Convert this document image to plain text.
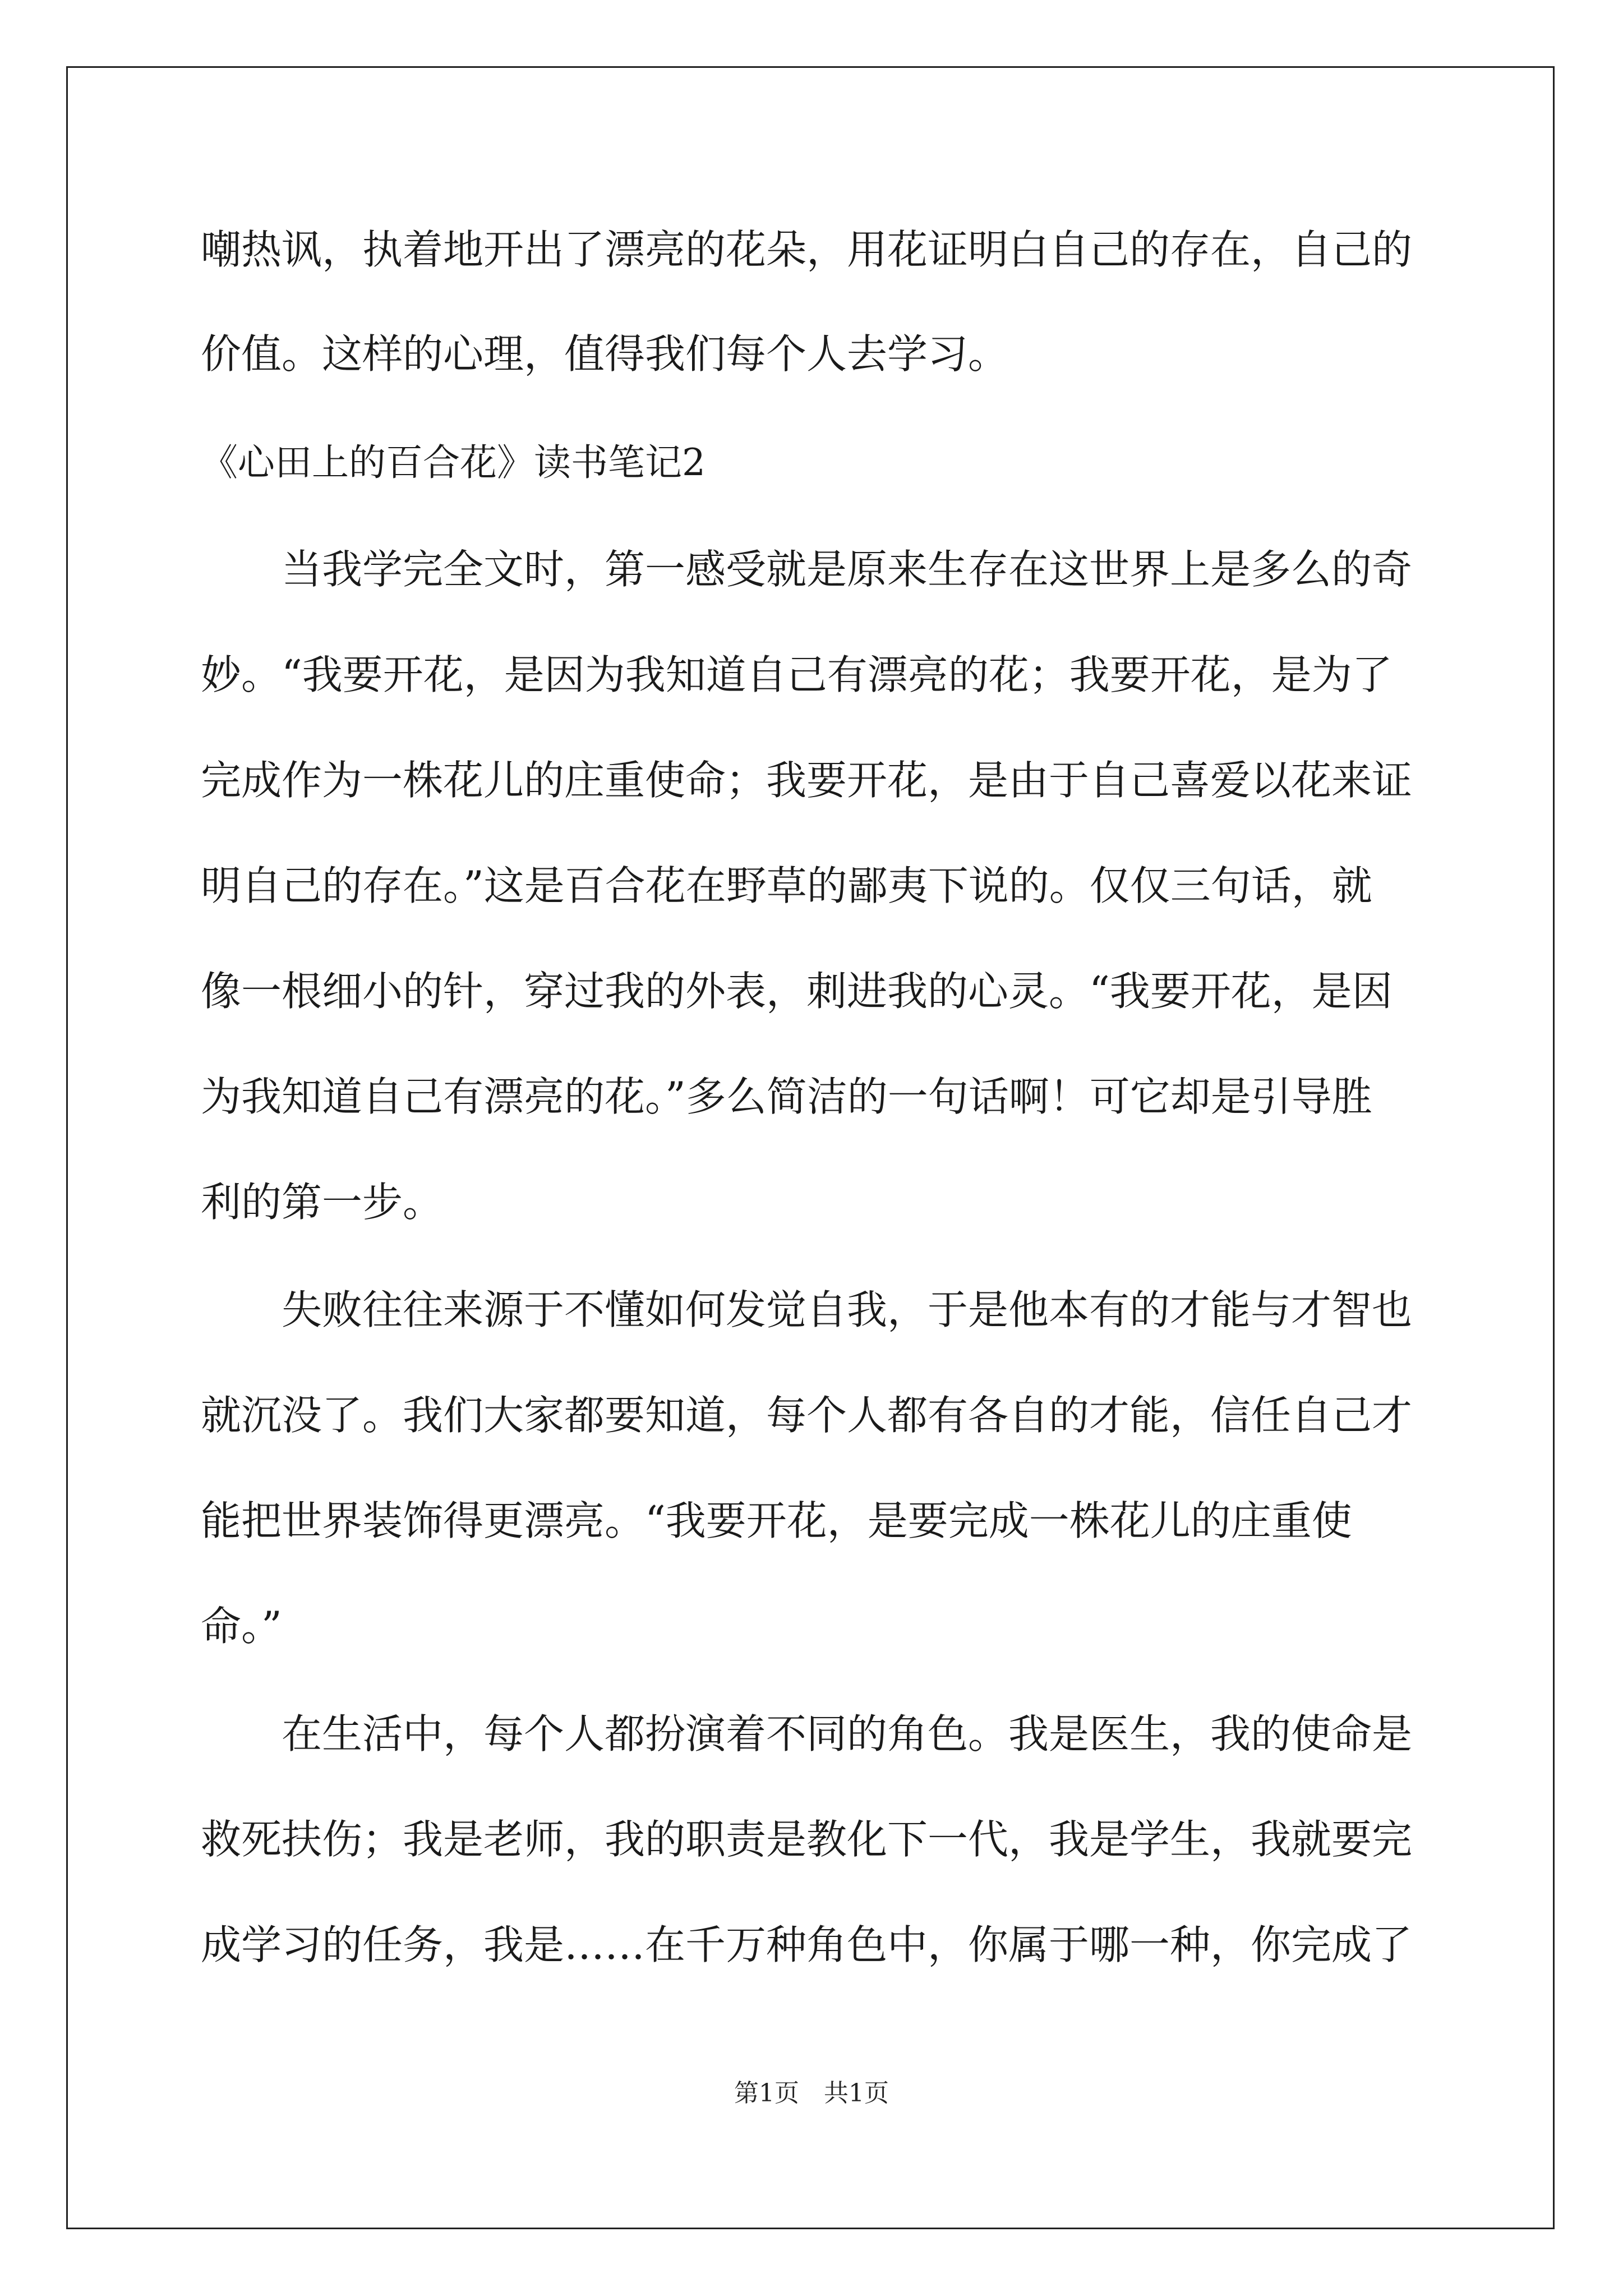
嘲热讽，执着地开出了漂亮的花朵，用花证明白自己的存在，自己的

价值。这样的心理，值得我们每个人去学习。

《心田上的百合花》读书笔记2

当我学完全文时，第一感受就是原来生存在这世界上是多么的奇

妙。“我要开花，是因为我知道自己有漂亮的花；我要开花，是为了

完成作为一株花儿的庄重使命；我要开花，是由于自己喜爱以花来证

明自己的存在。”这是百合花在野草的鄙夷下说的。仅仅三句话，就

像一根细小的针，穿过我的外表，刺进我的心灵。“我要开花，是因

为我知道自己有漂亮的花。”多么简洁的一句话啊！可它却是引导胜

利的第一步。

失败往往来源于不懂如何发觉自我，于是他本有的才能与才智也

就沉没了。我们大家都要知道，每个人都有各自的才能，信任自己才

能把世界装饰得更漂亮。“我要开花，是要完成一株花儿的庄重使

命。”

在生活中，每个人都扮演着不同的角色。我是医生，我的使命是

救死扶伤；我是老师，我的职责是教化下一代，我是学生，我就要完

成学习的任务，我是……在千万种角色中，你属于哪一种，你完成了

第1页　共1页
